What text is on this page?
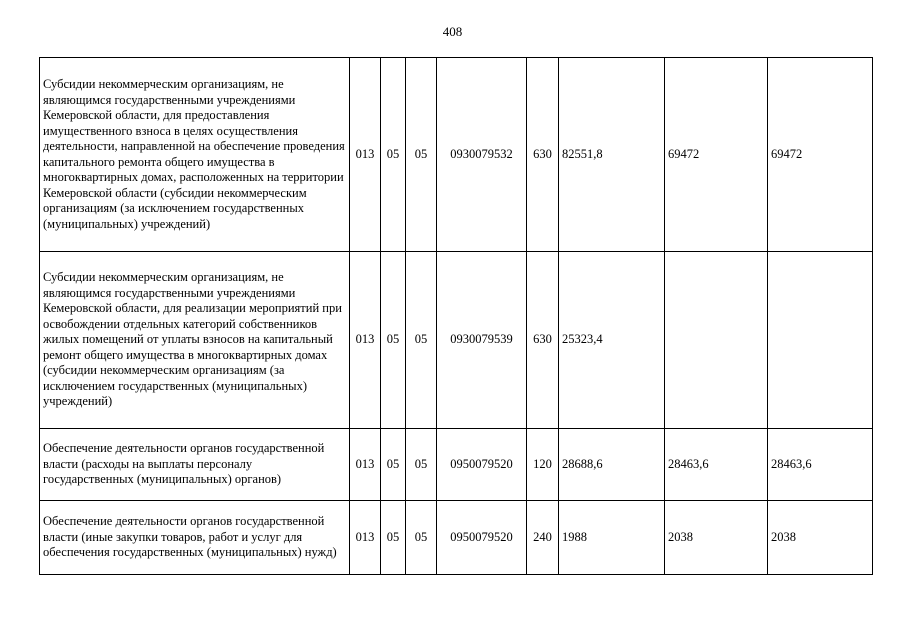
408
Субсидии некоммерческим организациям, не являющимся государственными учреждениями Кемеровской области, для предоставления имущественного взноса в целях осуществления деятельности, направленной на обеспечение проведения капитального ремонта общего имущества в многоквартирных домах, расположенных на территории Кемеровской области (субсидии некоммерческим организациям (за исключением государственных (муниципальных) учреждений)	013	05	05	0930079532	630	82551,8	69472	69472
Субсидии некоммерческим организациям, не являющимся государственными учреждениями Кемеровской области, для реализации мероприятий при освобождении отдельных категорий собственников жилых помещений от уплаты взносов на капитальный ремонт общего имущества в многоквартирных домах (субсидии некоммерческим организациям (за исключением государственных (муниципальных) учреждений)	013	05	05	0930079539	630	25323,4		
Обеспечение деятельности органов государственной власти (расходы на выплаты персоналу государственных (муниципальных) органов)	013	05	05	0950079520	120	28688,6	28463,6	28463,6
Обеспечение деятельности органов государственной власти (иные закупки товаров, работ и услуг для обеспечения государственных (муниципальных) нужд)	013	05	05	0950079520	240	1988	2038	2038
